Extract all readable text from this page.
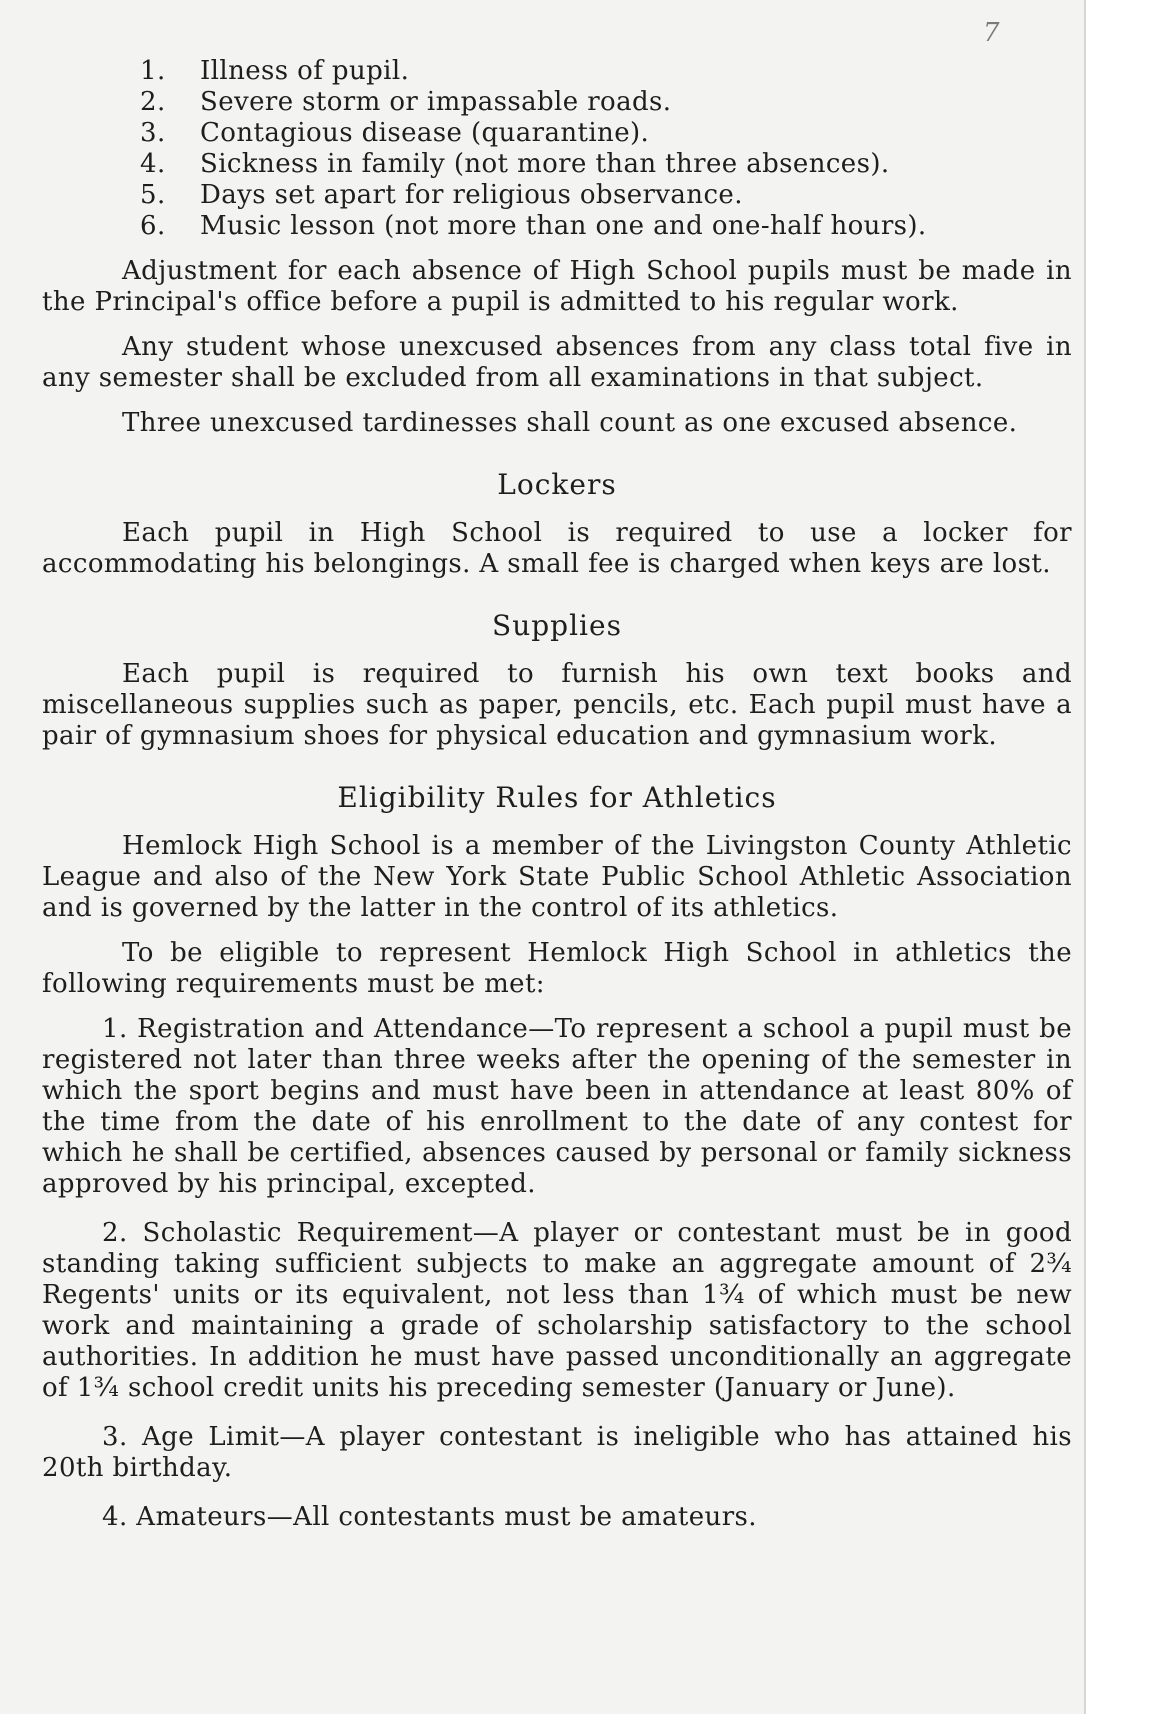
7
1.	Illness of pupil.
2.	Severe storm or impassable roads.
3.	Contagious disease (quarantine).
4.	Sickness in family (not more than three absences).
5.	Days set apart for religious observance.
6.	Music lesson (not more than one and one-half hours).

Adjustment for each absence of High School pupils must be made in the Principal's office before a pupil is admitted to his regular work.

Any student whose unexcused absences from any class total five in any semester shall be excluded from all examinations in that subject.

Three unexcused tardinesses shall count as one excused absence.

Lockers

Each pupil in High School is required to use a locker for accommodating his belongings. A small fee is charged when keys are lost.

Supplies

Each pupil is required to furnish his own text books and miscellaneous supplies such as paper, pencils, etc. Each pupil must have a pair of gymnasium shoes for physical education and gymnasium work.

Eligibility Rules for Athletics

Hemlock High School is a member of the Livingston County Athletic League and also of the New York State Public School Athletic Association and is governed by the latter in the control of its athletics.

To be eligible to represent Hemlock High School in athletics the following requirements must be met:

1. Registration and Attendance—To represent a school a pupil must be registered not later than three weeks after the opening of the semester in which the sport begins and must have been in attendance at least 80% of the time from the date of his enrollment to the date of any contest for which he shall be certified, absences caused by personal or family sickness approved by his principal, excepted.

2. Scholastic Requirement—A player or contestant must be in good standing taking sufficient subjects to make an aggregate amount of 2¾ Regents' units or its equivalent, not less than 1¾ of which must be new work and maintaining a grade of scholarship satisfactory to the school authorities. In addition he must have passed unconditionally an aggregate of 1¾ school credit units his preceding semester (January or June).

3. Age Limit—A player contestant is ineligible who has attained his 20th birthday.

4. Amateurs—All contestants must be amateurs.
